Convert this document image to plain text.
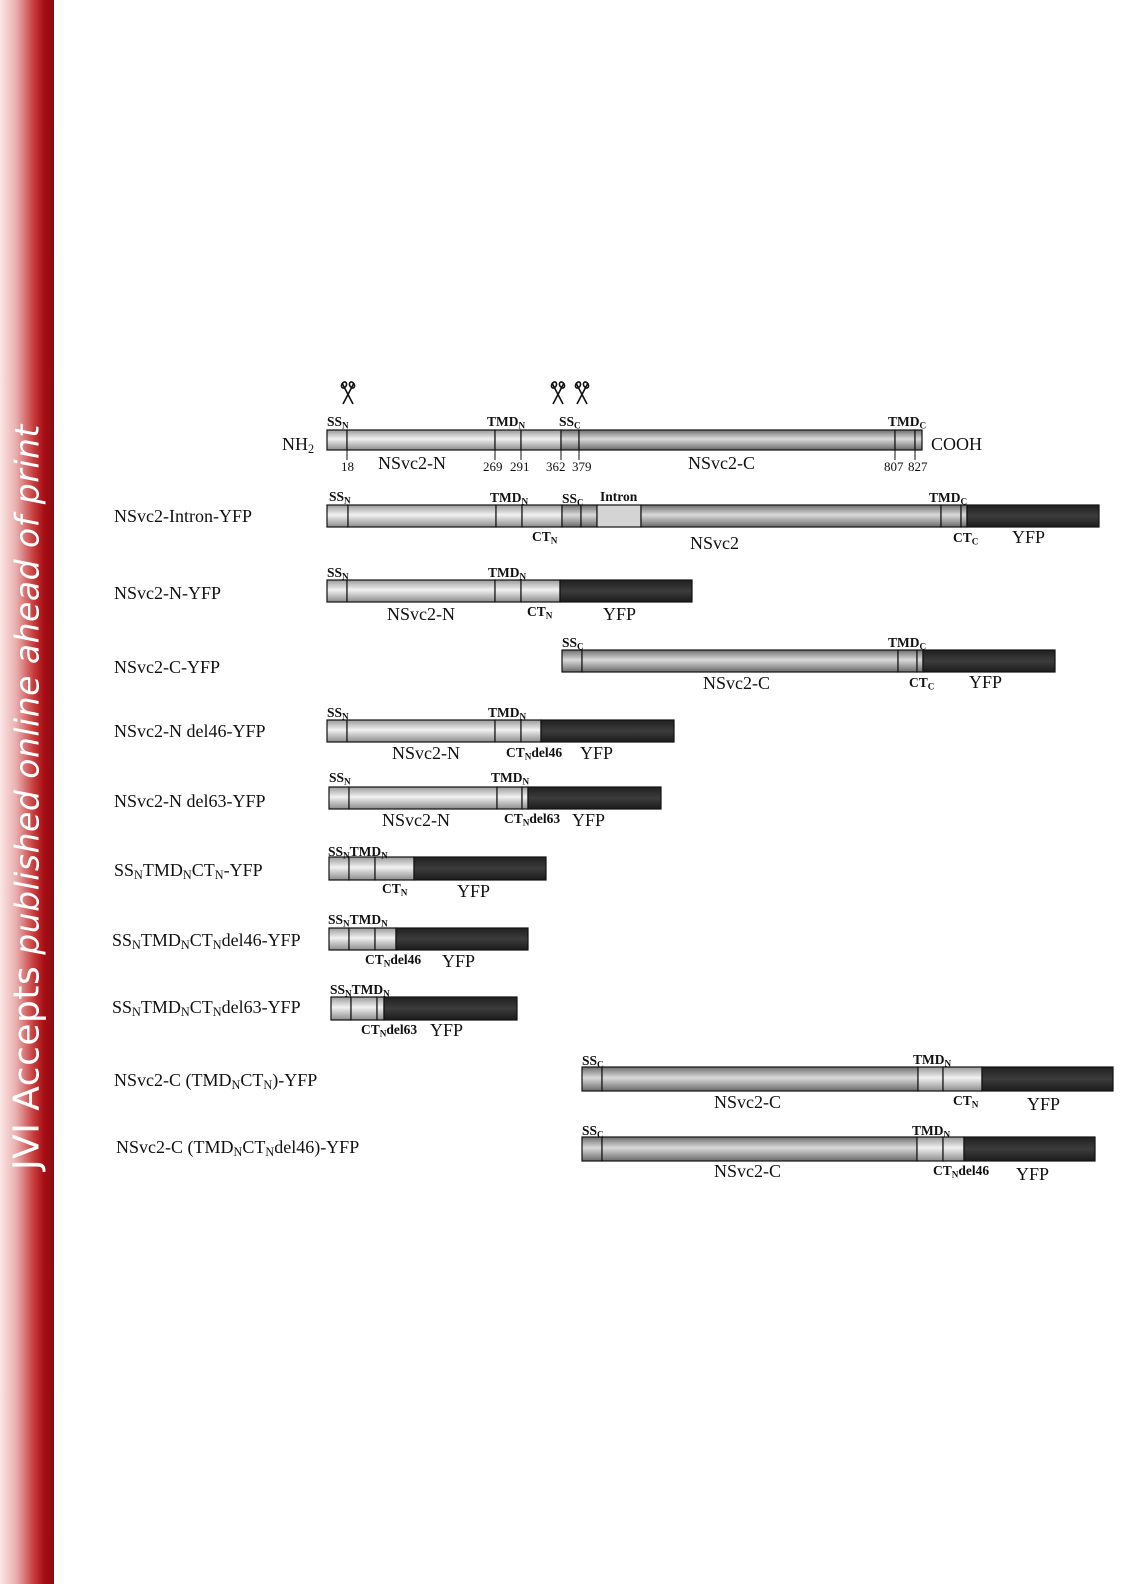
JVI Accepts published online ahead of print	$NH_2$	COOH
$SS_N$	$TMD_N$	$SS_C$	$TMD_C$
NSvc2-N	NSvc2-C
18	269 291 362 379	807 827
NSvc2-Intron-YFP
$SS_N$	$TMD_N$	$SS_C$ Intron	$TMD_C$
$CT_N$	NSvc2	$CT_C$ YFP
NSvc2-N-YFP
$SS_N$	$TMD_N$
NSvc2-N	$CT_N$	YFP
NSvc2-C-YFP
$SS_C$	$TMD_C$
NSvc2-C	$CT_C$ YFP
NSvc2-N del46-YFP
$SS_N$	$TMD_N$
NSvc2-N	$CT_Ndel46$ YFP
NSvc2-N del63-YFP
$SS_N$	$TMD_N$
NSvc2-N	$CT_Ndel63$ YFP
$SS_NTMD_NCT_N$-YFP
$SS_NTMD_N$
$CT_N$	YFP
$SS_NTMD_NCT_Ndel46$-YFP
$SS_NTMD_N$
$CT_Ndel46$ YFP
$SS_NTMD_NCT_Ndel63$-YFP
$SS_NTMD_N$
$CT_Ndel63$ YFP
NSvc2-C $(TMD_NCT_N)$-YFP
$SS_C$	$TMD_N$
NSvc2-C	$CT_N$	YFP
NSvc2-C $(TMD_NCT_Ndel46)$-YFP
$SS_C$	$TMD_N$
NSvc2-C	$CT_Ndel46$ YFP
